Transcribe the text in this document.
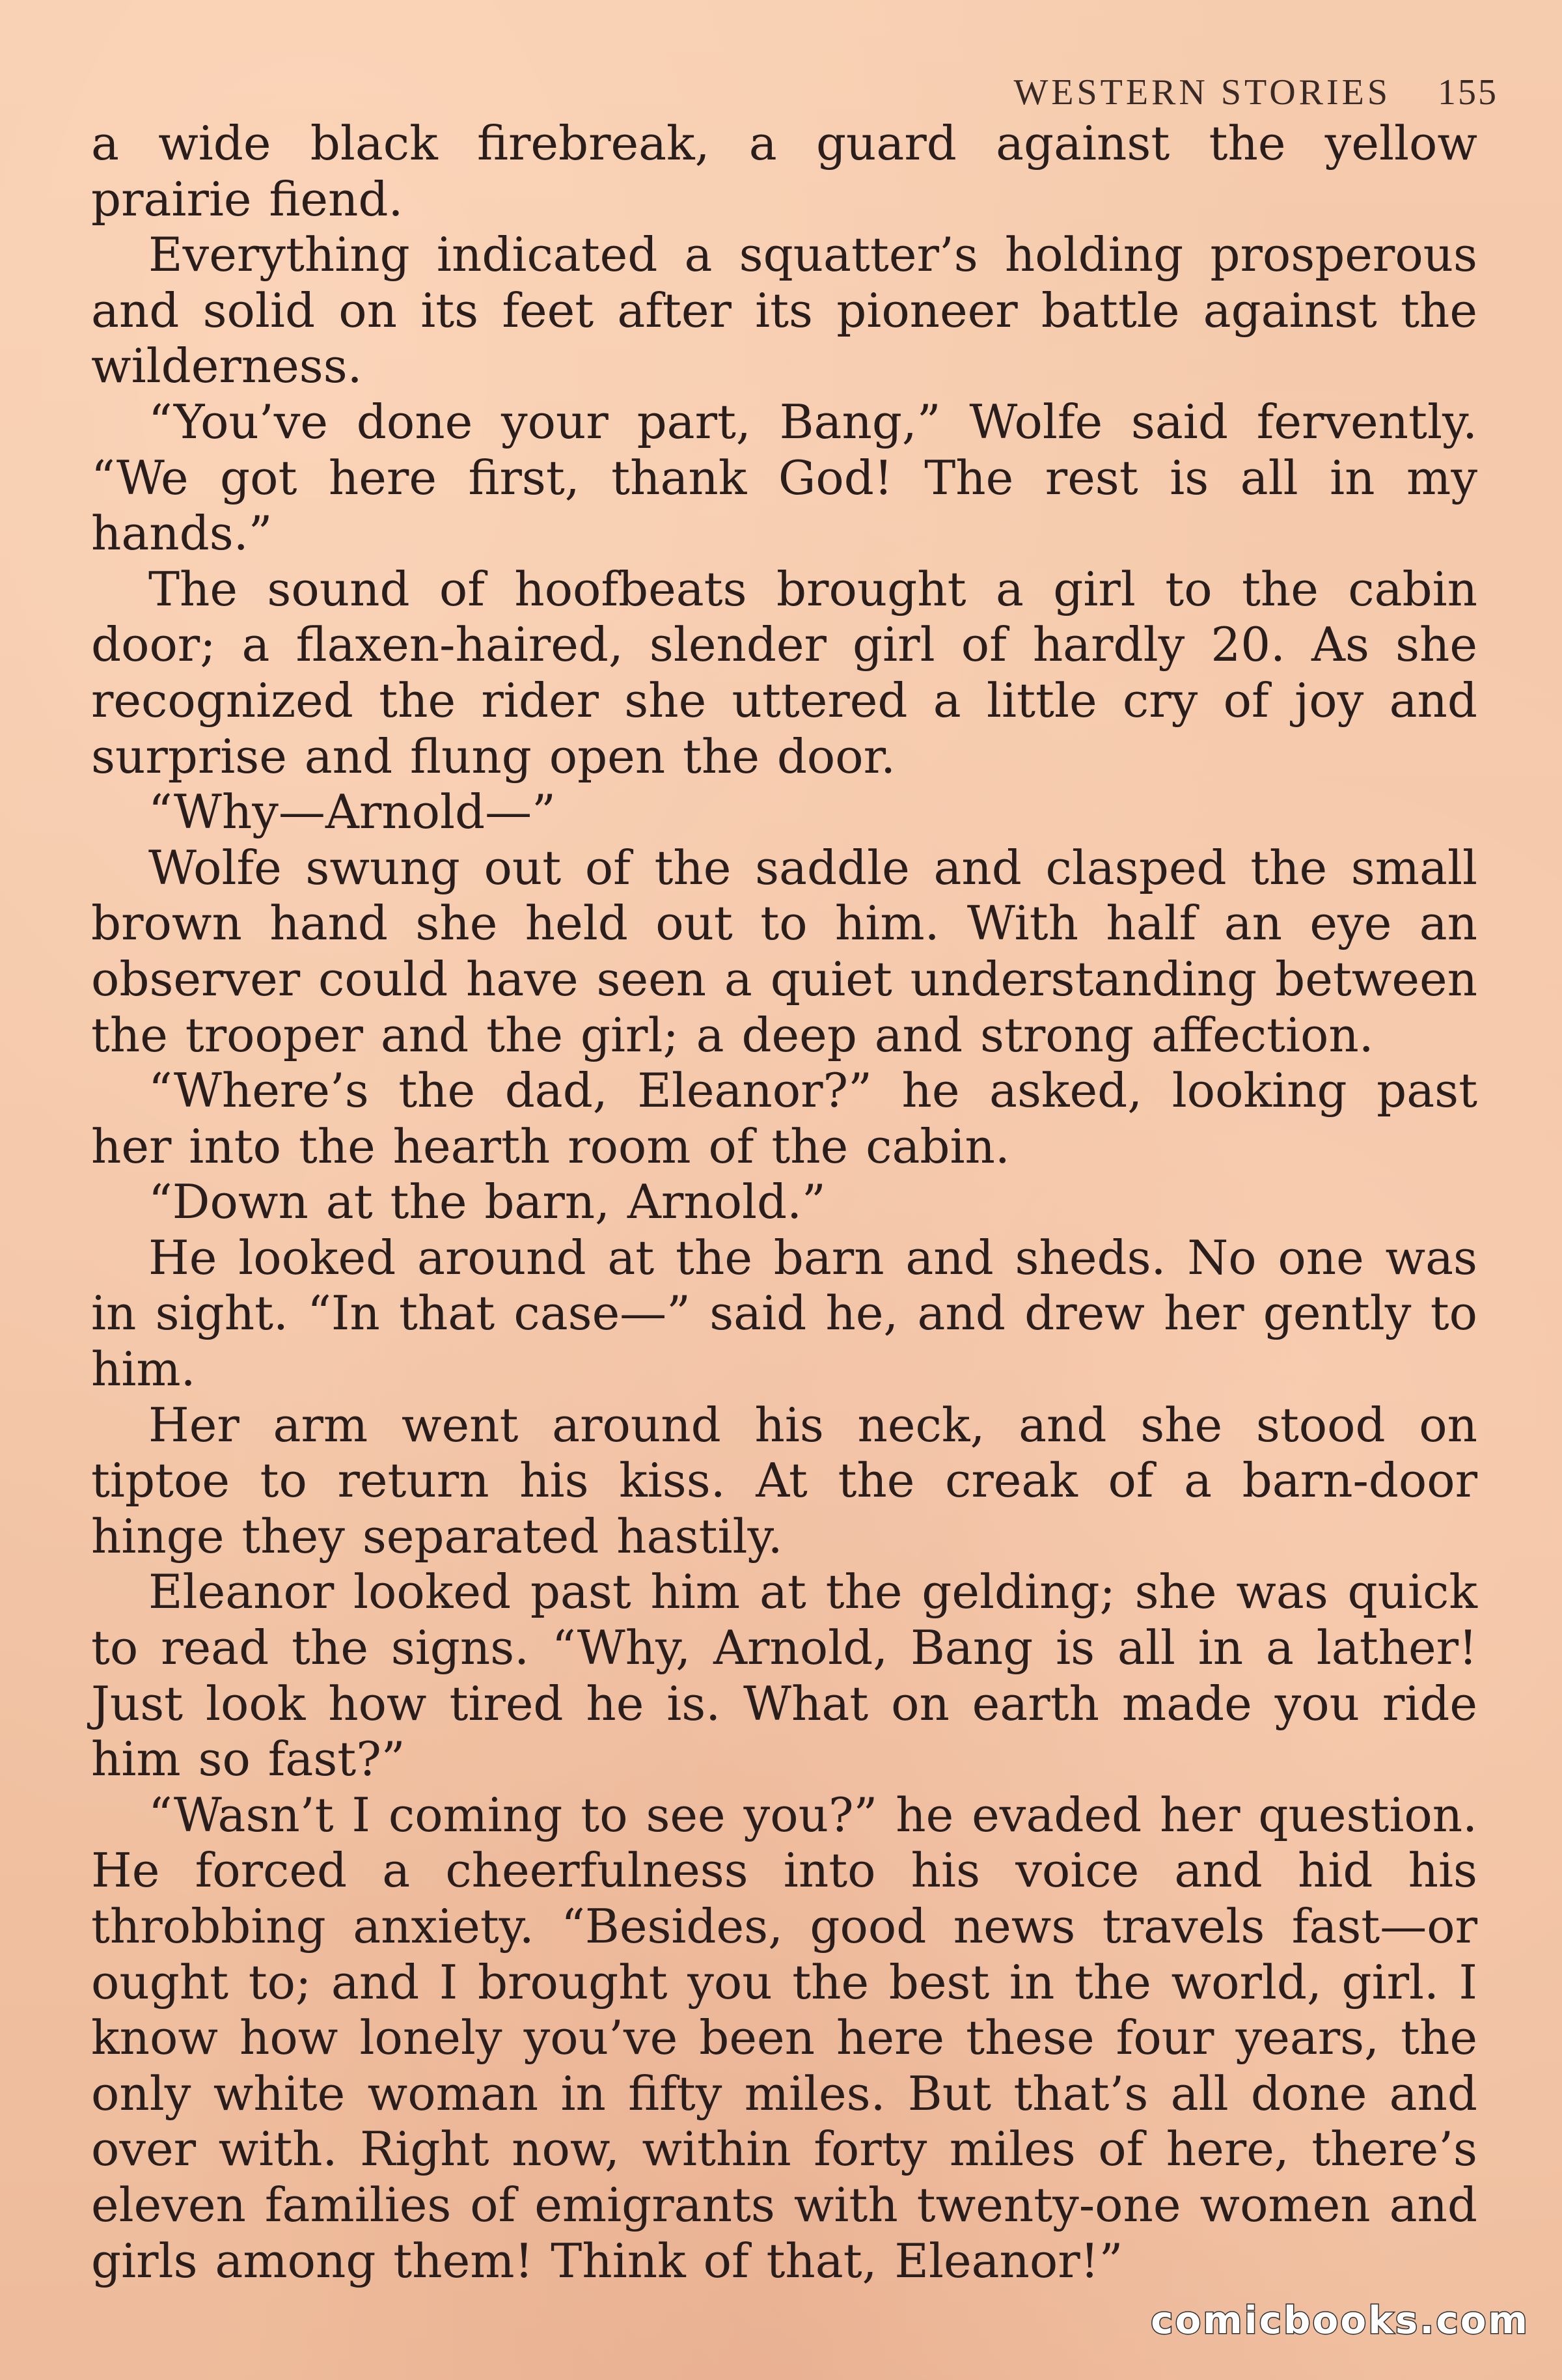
WESTERN STORIES 155

a wide black firebreak, a guard against the yellow prairie fiend.

Everything indicated a squatter’s holding prosperous and solid on its feet after its pioneer battle against the wilderness.

“You’ve done your part, Bang,” Wolfe said fervently. “We got here first, thank God! The rest is all in my hands.”

The sound of hoofbeats brought a girl to the cabin door; a flaxen-haired, slender girl of hardly 20. As she recognized the rider she uttered a little cry of joy and surprise and flung open the door.

“Why—Arnold—”

Wolfe swung out of the saddle and clasped the small brown hand she held out to him. With half an eye an observer could have seen a quiet understanding between the trooper and the girl; a deep and strong affection.

“Where’s the dad, Eleanor?” he asked, looking past her into the hearth room of the cabin.

“Down at the barn, Arnold.”

He looked around at the barn and sheds. No one was in sight. “In that case—” said he, and drew her gently to him.

Her arm went around his neck, and she stood on tiptoe to return his kiss. At the creak of a barn-door hinge they separated hastily.

Eleanor looked past him at the gelding; she was quick to read the signs. “Why, Arnold, Bang is all in a lather! Just look how tired he is. What on earth made you ride him so fast?”

“Wasn’t I coming to see you?” he evaded her question. He forced a cheerfulness into his voice and hid his throbbing anxiety. “Besides, good news travels fast—or ought to; and I brought you the best in the world, girl. I know how lonely you’ve been here these four years, the only white woman in fifty miles. But that’s all done and over with. Right now, within forty miles of here, there’s eleven families of emigrants with twenty-one women and girls among them! Think of that, Eleanor!”

comicbooks.com
